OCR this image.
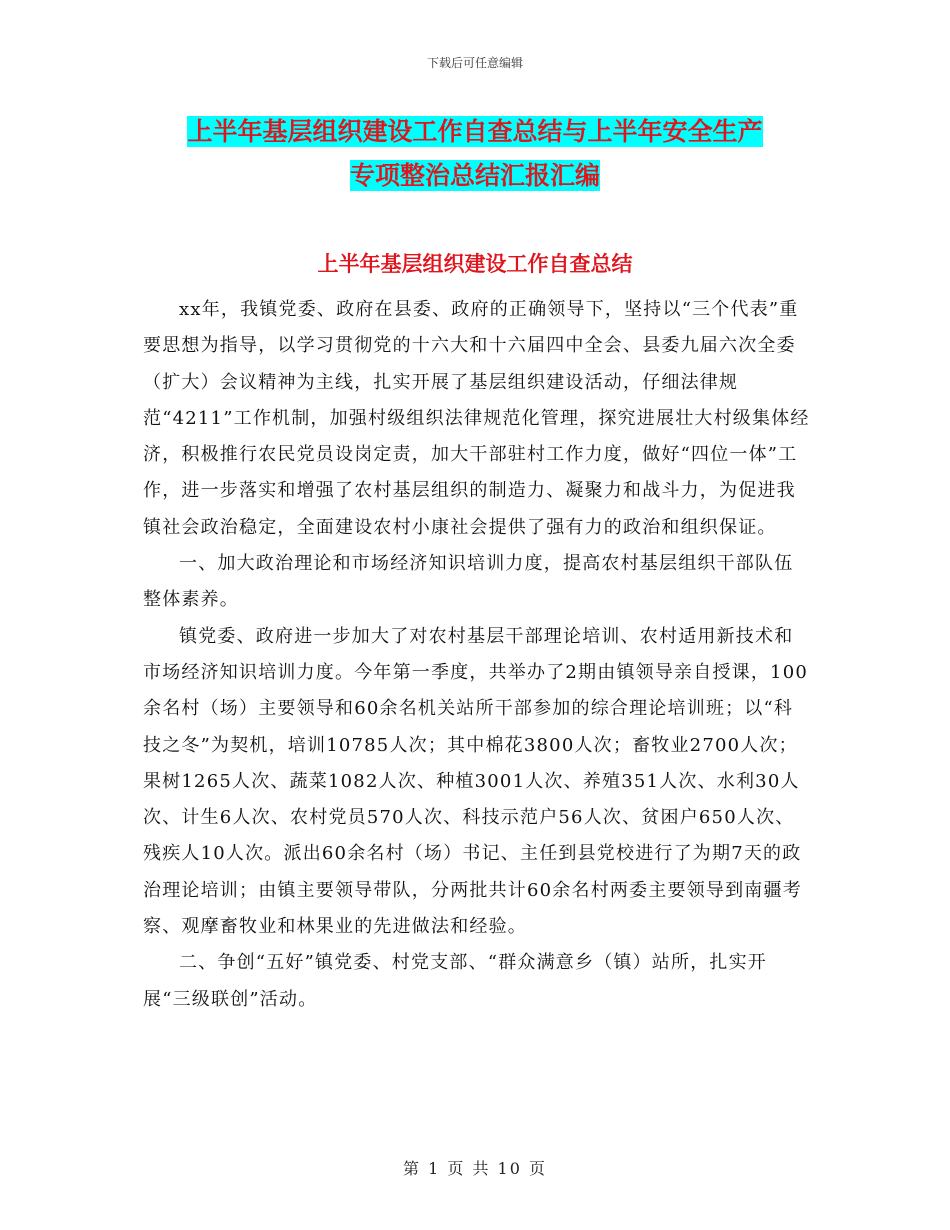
下载后可任意编辑
上半年基层组织建设工作自查总结与上半年安全生产
专项整治总结汇报汇编
上半年基层组织建设工作自查总结

xx年，我镇党委、政府在县委、政府的正确领导下，坚持以“三个代表”重要思想为指导，以学习贯彻党的十六大和十六届四中全会、县委九届六次全委（扩大）会议精神为主线，扎实开展了基层组织建设活动，仔细法律规范“4211”工作机制，加强村级组织法律规范化管理，探究进展壮大村级集体经济，积极推行农民党员设岗定责，加大干部驻村工作力度，做好“四位一体”工作，进一步落实和增强了农村基层组织的制造力、凝聚力和战斗力，为促进我镇社会政治稳定，全面建设农村小康社会提供了强有力的政治和组织保证。

一、加大政治理论和市场经济知识培训力度，提高农村基层组织干部队伍整体素养。

镇党委、政府进一步加大了对农村基层干部理论培训、农村适用新技术和市场经济知识培训力度。今年第一季度，共举办了2期由镇领导亲自授课，100余名村（场）主要领导和60余名机关站所干部参加的综合理论培训班；以“科技之冬”为契机，培训10785人次；其中棉花3800人次；畜牧业2700人次；果树1265人次、蔬菜1082人次、种植3001人次、养殖351人次、水利30人次、计生6人次、农村党员570人次、科技示范户56人次、贫困户650人次、残疾人10人次。派出60余名村（场）书记、主任到县党校进行了为期7天的政治理论培训；由镇主要领导带队，分两批共计60余名村两委主要领导到南疆考察、观摩畜牧业和林果业的先进做法和经验。

二、争创“五好”镇党委、村党支部、“群众满意乡（镇）站所，扎实开展“三级联创”活动。

第 1 页 共 10 页
